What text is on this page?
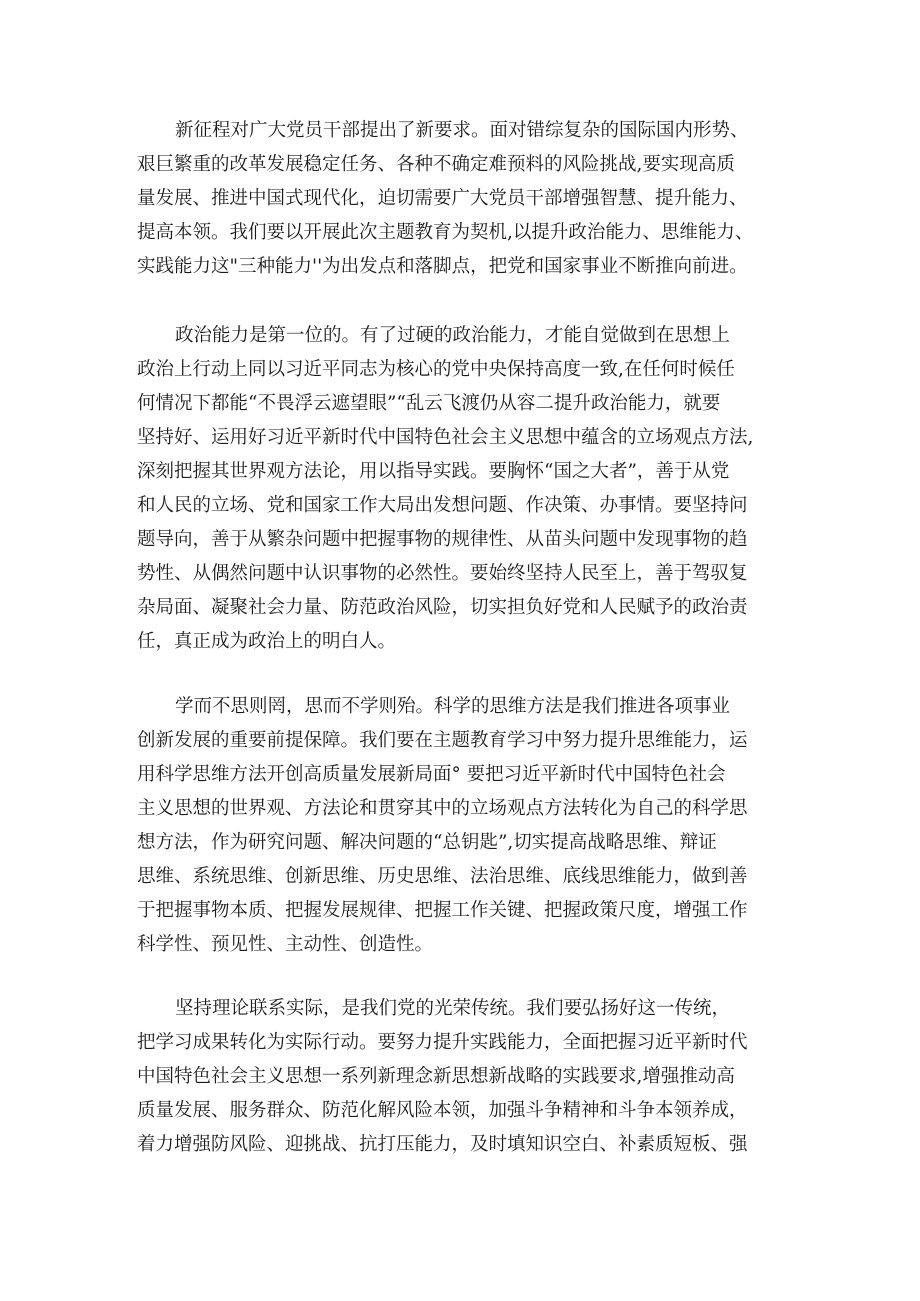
新征程对广大党员干部提出了新要求。面对错综复杂的国际国内形势、
艰巨繁重的改革发展稳定任务、各种不确定难预料的风险挑战,要实现高质
量发展、推进中国式现代化，迫切需要广大党员干部增强智慧、提升能力、
提高本领。我们要以开展此次主题教育为契机,以提升政治能力、思维能力、
实践能力这"三种能力''为出发点和落脚点，把党和国家事业不断推向前进。
政治能力是第一位的。有了过硬的政治能力，才能自觉做到在思想上
政治上行动上同以习近平同志为核心的党中央保持高度一致,在任何时候任
何情况下都能“不畏浮云遮望眼”“乱云飞渡仍从容二提升政治能力，就要
坚持好、运用好习近平新时代中国特色社会主义思想中蕴含的立场观点方法,
深刻把握其世界观方法论，用以指导实践。要胸怀“国之大者”，善于从党
和人民的立场、党和国家工作大局出发想问题、作决策、办事情。要坚持问
题导向，善于从繁杂问题中把握事物的规律性、从苗头问题中发现事物的趋
势性、从偶然问题中认识事物的必然性。要始终坚持人民至上，善于驾驭复
杂局面、凝聚社会力量、防范政治风险，切实担负好党和人民赋予的政治责
任，真正成为政治上的明白人。
学而不思则罔，思而不学则殆。科学的思维方法是我们推进各项事业
创新发展的重要前提保障。我们要在主题教育学习中努力提升思维能力，运
用科学思维方法开创高质量发展新局面° 要把习近平新时代中国特色社会
主义思想的世界观、方法论和贯穿其中的立场观点方法转化为自己的科学思
想方法，作为研究问题、解决问题的“总钥匙”,切实提高战略思维、辩证
思维、系统思维、创新思维、历史思维、法治思维、底线思维能力，做到善
于把握事物本质、把握发展规律、把握工作关键、把握政策尺度，增强工作
科学性、预见性、主动性、创造性。
坚持理论联系实际，是我们党的光荣传统。我们要弘扬好这一传统，
把学习成果转化为实际行动。要努力提升实践能力，全面把握习近平新时代
中国特色社会主义思想一系列新理念新思想新战略的实践要求,增强推动高
质量发展、服务群众、防范化解风险本领，加强斗争精神和斗争本领养成，
着力增强防风险、迎挑战、抗打压能力，及时填知识空白、补素质短板、强
